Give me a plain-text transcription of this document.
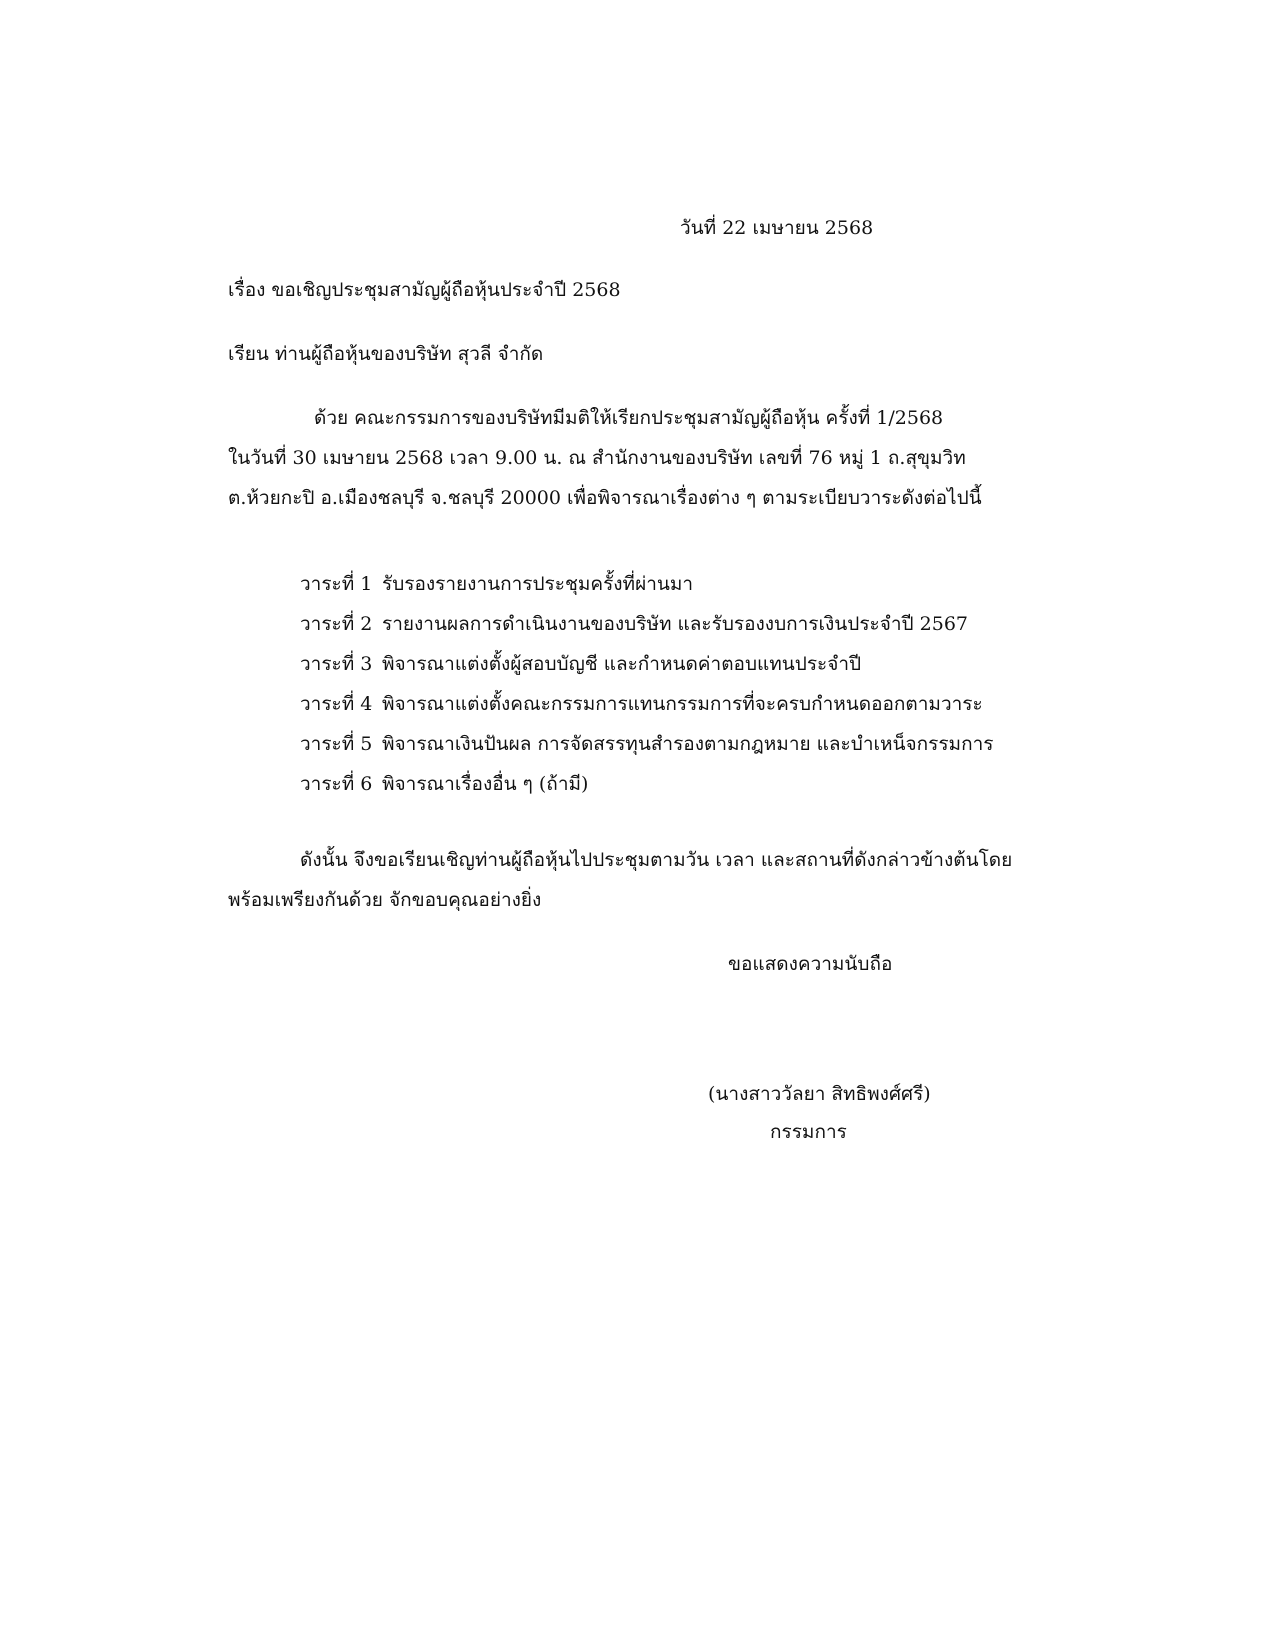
วันที่ 22 เมษายน 2568
เรื่อง ขอเชิญประชุมสามัญผู้ถือหุ้นประจำปี 2568
เรียน ท่านผู้ถือหุ้นของบริษัท สุวลี จำกัด
ด้วย คณะกรรมการของบริษัทมีมติให้เรียกประชุมสามัญผู้ถือหุ้น ครั้งที่ 1/2568
ในวันที่ 30 เมษายน 2568 เวลา 9.00 น. ณ สำนักงานของบริษัท เลขที่ 76 หมู่ 1 ถ.สุขุมวิท
ต.ห้วยกะปิ อ.เมืองชลบุรี จ.ชลบุรี 20000 เพื่อพิจารณาเรื่องต่าง ๆ ตามระเบียบวาระดังต่อไปนี้
วาระที่ 1 รับรองรายงานการประชุมครั้งที่ผ่านมา
วาระที่ 2 รายงานผลการดำเนินงานของบริษัท และรับรองงบการเงินประจำปี 2567
วาระที่ 3 พิจารณาแต่งตั้งผู้สอบบัญชี และกำหนดค่าตอบแทนประจำปี
วาระที่ 4 พิจารณาแต่งตั้งคณะกรรมการแทนกรรมการที่จะครบกำหนดออกตามวาระ
วาระที่ 5 พิจารณาเงินปันผล การจัดสรรทุนสำรองตามกฎหมาย และบำเหน็จกรรมการ
วาระที่ 6 พิจารณาเรื่องอื่น ๆ (ถ้ามี)
ดังนั้น จึงขอเรียนเชิญท่านผู้ถือหุ้นไปประชุมตามวัน เวลา และสถานที่ดังกล่าวข้างต้นโดย
พร้อมเพรียงกันด้วย จักขอบคุณอย่างยิ่ง
ขอแสดงความนับถือ
(นางสาววัลยา สิทธิพงศ์ศรี)
กรรมการ
